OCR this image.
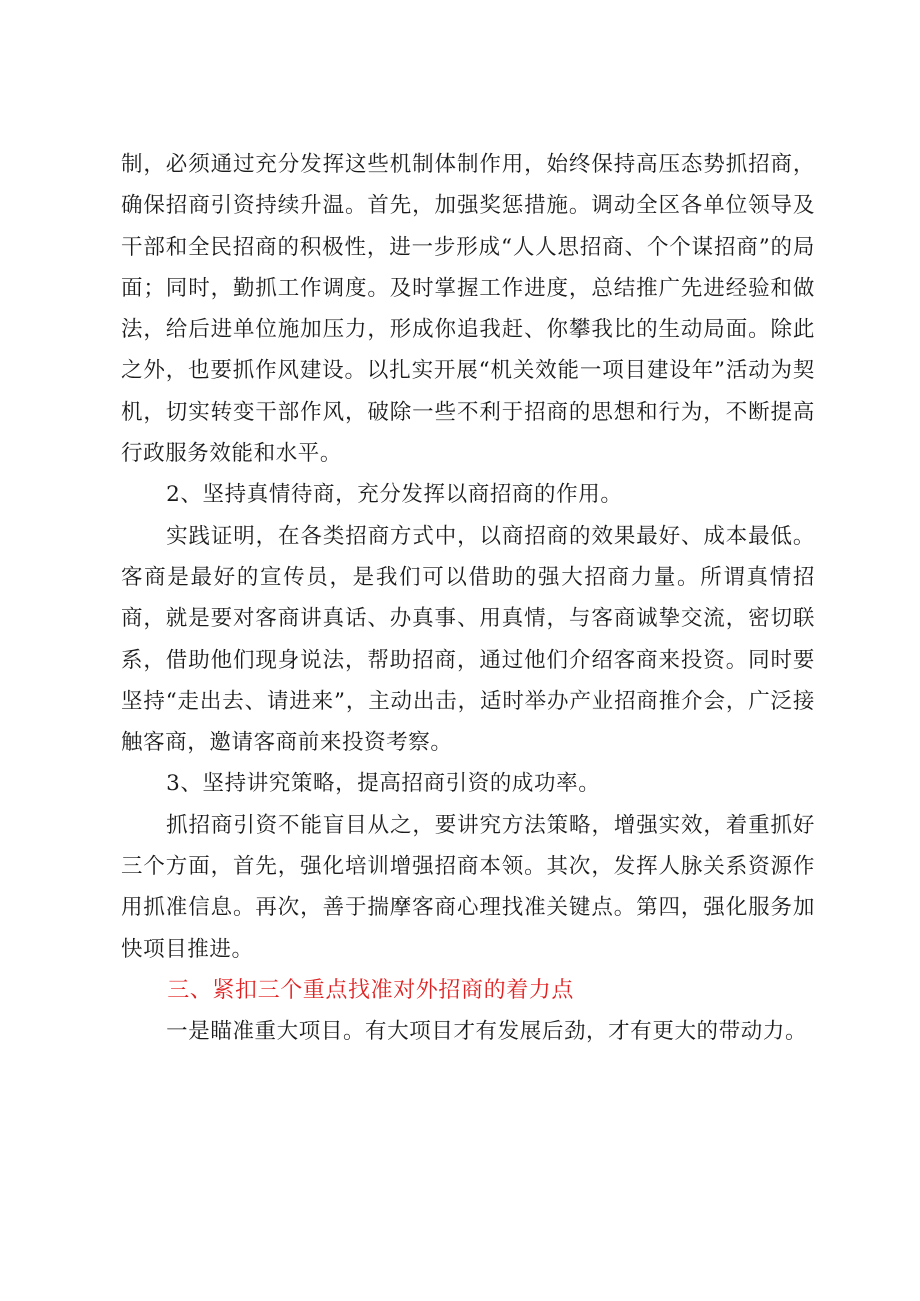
制，必须通过充分发挥这些机制体制作用，始终保持高压态势抓招商，确保招商引资持续升温。首先，加强奖惩措施。调动全区各单位领导及干部和全民招商的积极性，进一步形成“人人思招商、个个谋招商”的局面；同时，勤抓工作调度。及时掌握工作进度，总结推广先进经验和做法，给后进单位施加压力，形成你追我赶、你攀我比的生动局面。除此之外，也要抓作风建设。以扎实开展“机关效能一项目建设年”活动为契机，切实转变干部作风，破除一些不利于招商的思想和行为，不断提高行政服务效能和水平。

2、坚持真情待商，充分发挥以商招商的作用。

实践证明，在各类招商方式中，以商招商的效果最好、成本最低。客商是最好的宣传员，是我们可以借助的强大招商力量。所谓真情招商，就是要对客商讲真话、办真事、用真情，与客商诚挚交流，密切联系，借助他们现身说法，帮助招商，通过他们介绍客商来投资。同时要坚持“走出去、请进来”，主动出击，适时举办产业招商推介会，广泛接触客商，邀请客商前来投资考察。

3、坚持讲究策略，提高招商引资的成功率。

抓招商引资不能盲目从之，要讲究方法策略，增强实效，着重抓好三个方面，首先，强化培训增强招商本领。其次，发挥人脉关系资源作用抓准信息。再次，善于揣摩客商心理找准关键点。第四，强化服务加快项目推进。

三、紧扣三个重点找准对外招商的着力点

一是瞄准重大项目。有大项目才有发展后劲，才有更大的带动力。
